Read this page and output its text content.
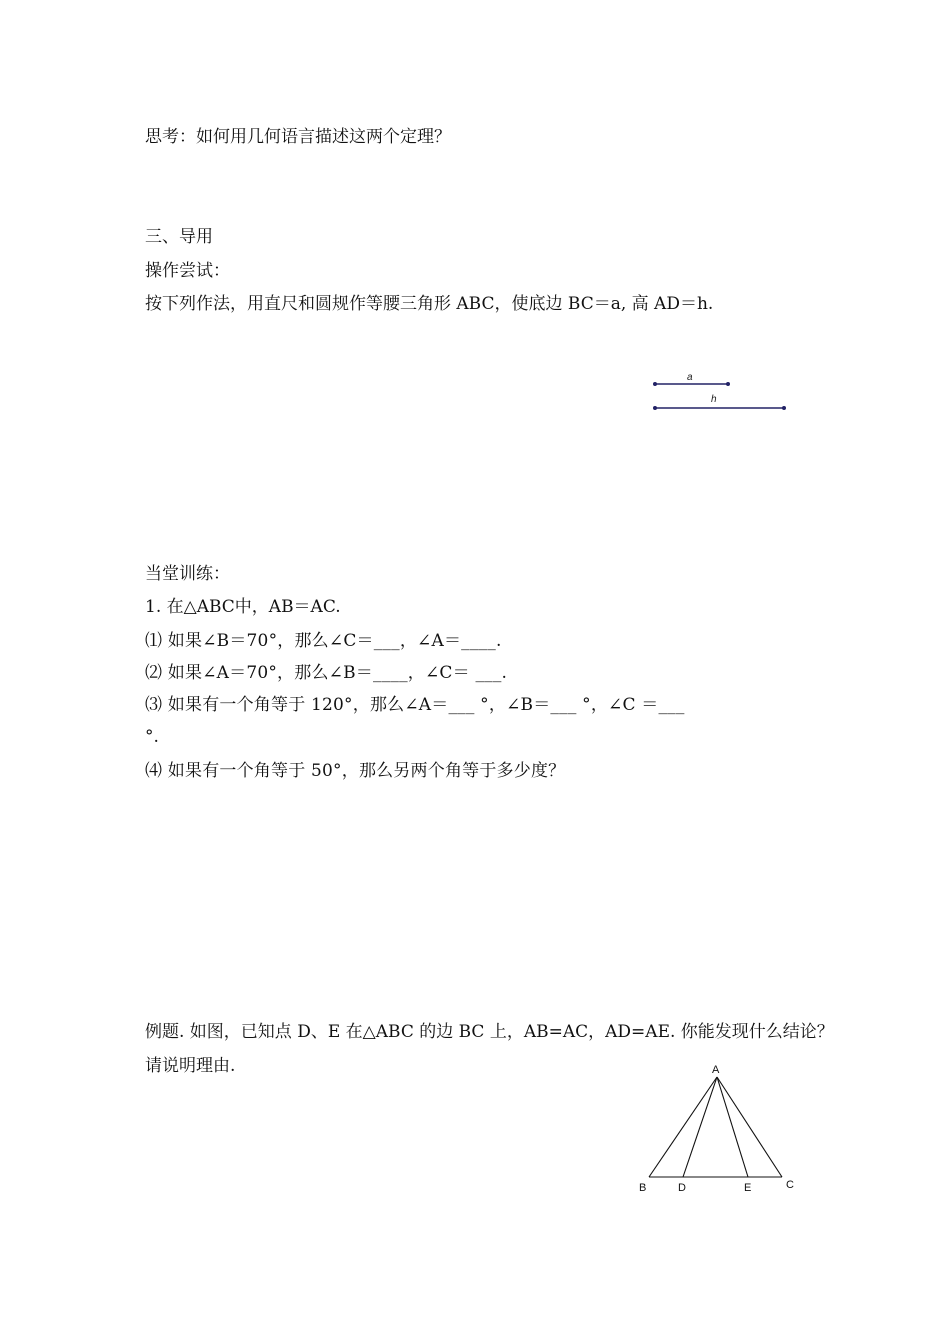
思考：如何用几何语言描述这两个定理？
三、导用
操作尝试：
按下列作法，用直尺和圆规作等腰三角形 ABC，使底边 BC＝a, 高 AD＝h.
a
h
当堂训练：
1. 在△ABC中，AB＝AC.
⑴ 如果∠B＝70°，那么∠C＝___，∠A＝____.
⑵ 如果∠A＝70°，那么∠B＝____，∠C＝ ___.
⑶ 如果有一个角等于 120°，那么∠A＝___ °，∠B＝___ °，∠C ＝___
°.
⑷ 如果有一个角等于 50°，那么另两个角等于多少度？
例题. 如图，已知点 D、E 在△ABC 的边 BC 上，AB=AC，AD=AE. 你能发现什么结论？
请说明理由.	A
B	D	E	C
